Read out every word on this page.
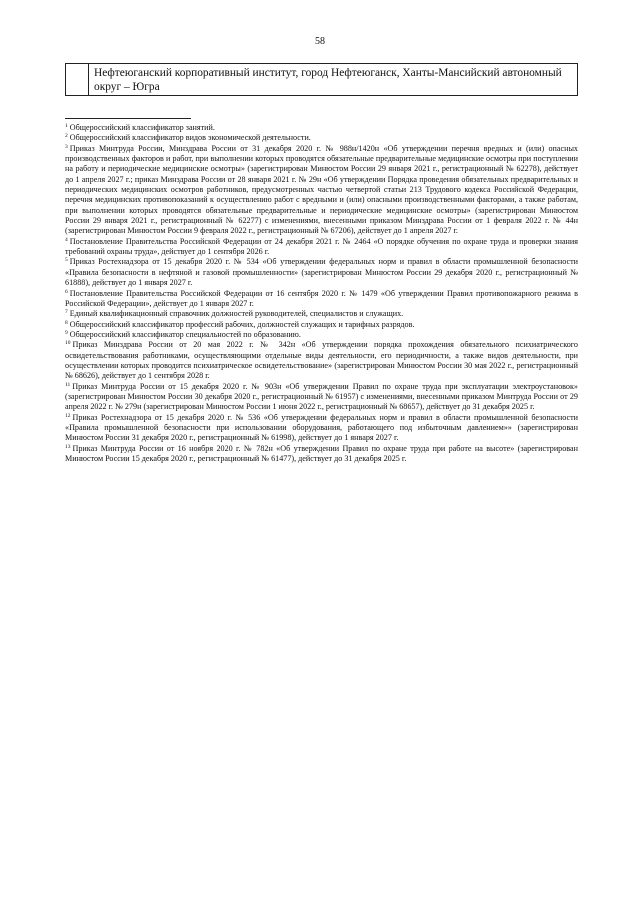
58
Нефтеюганский корпоративный институт, город Нефтеюганск, Ханты-Мансийский автономный округ – Югра

$^1$ Общероссийский классификатор занятий.

$^2$ Общероссийский классификатор видов экономической деятельности.

$^3$ Приказ Минтруда России, Минздрава России от 31 декабря 2020 г. № 988н/1420н «Об утверждении перечня вредных и (или) опасных производственных факторов и работ, при выполнении которых проводятся обязательные предварительные медицинские осмотры при поступлении на работу и периодические медицинские осмотры» (зарегистрирован Минюстом России 29 января 2021 г., регистрационный № 62278), действует до 1 апреля 2027 г.; приказ Минздрава России от 28 января 2021 г. № 29н «Об утверждении Порядка проведения обязательных предварительных и периодических медицинских осмотров работников, предусмотренных частью четвертой статьи 213 Трудового кодекса Российской Федерации, перечня медицинских противопоказаний к осуществлению работ с вредными и (или) опасными производственными факторами, а также работам, при выполнении которых проводятся обязательные предварительные и периодические медицинские осмотры» (зарегистрирован Минюстом России 29 января 2021 г., регистрационный № 62277) с изменениями, внесенными приказом Минздрава России от 1 февраля 2022 г. № 44н (зарегистрирован Минюстом России 9 февраля 2022 г., регистрационный № 67206), действует до 1 апреля 2027 г.

$^4$ Постановление Правительства Российской Федерации от 24 декабря 2021 г. № 2464 «О порядке обучения по охране труда и проверки знания требований охраны труда», действует до 1 сентября 2026 г.

$^5$ Приказ Ростехнадзора от 15 декабря 2020 г. № 534 «Об утверждении федеральных норм и правил в области промышленной безопасности «Правила безопасности в нефтяной и газовой промышленности» (зарегистрирован Минюстом России 29 декабря 2020 г., регистрационный № 61888), действует до 1 января 2027 г.

$^6$ Постановление Правительства Российской Федерации от 16 сентября 2020 г. № 1479 «Об утверждении Правил противопожарного режима в Российской Федерации», действует до 1 января 2027 г.

$^7$ Единый квалификационный справочник должностей руководителей, специалистов и служащих.

$^8$ Общероссийский классификатор профессий рабочих, должностей служащих и тарифных разрядов.

$^9$ Общероссийский классификатор специальностей по образованию.

$^{10}$ Приказ Минздрава России от 20 мая 2022 г. № 342н «Об утверждении порядка прохождения обязательного психиатрического освидетельствования работниками, осуществляющими отдельные виды деятельности, его периодичности, а также видов деятельности, при осуществлении которых проводится психиатрическое освидетельствование» (зарегистрирован Минюстом России 30 мая 2022 г., регистрационный № 68626), действует до 1 сентября 2028 г.

$^{11}$ Приказ Минтруда России от 15 декабря 2020 г. № 903н «Об утверждении Правил по охране труда при эксплуатации электроустановок» (зарегистрирован Минюстом России 30 декабря 2020 г., регистрационный № 61957) с изменениями, внесенными приказом Минтруда России от 29 апреля 2022 г. № 279н (зарегистрирован Минюстом России 1 июня 2022 г., регистрационный № 68657), действует до 31 декабря 2025 г.

$^{12}$ Приказ Ростехнадзора от 15 декабря 2020 г. № 536 «Об утверждении федеральных норм и правил в области промышленной безопасности «Правила промышленной безопасности при использовании оборудования, работающего под избыточным давлением»» (зарегистрирован Минюстом России 31 декабря 2020 г., регистрационный № 61998), действует до 1 января 2027 г.

$^{13}$ Приказ Минтруда России от 16 ноября 2020 г. № 782н «Об утверждении Правил по охране труда при работе на высоте» (зарегистрирован Минюстом России 15 декабря 2020 г., регистрационный № 61477), действует до 31 декабря 2025 г.
